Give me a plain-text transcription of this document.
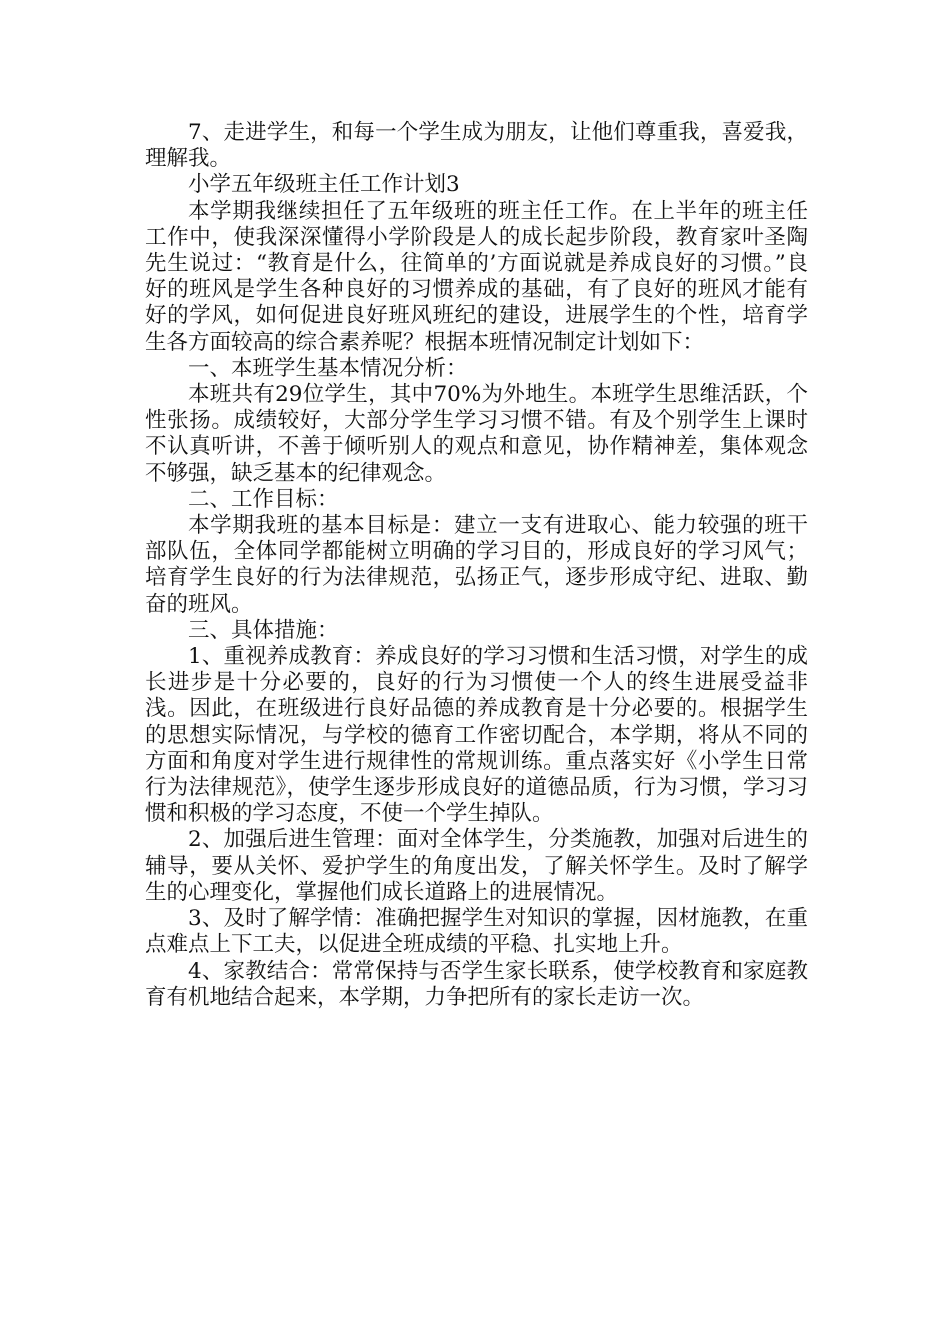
7、走进学生，和每一个学生成为朋友，让他们尊重我，喜爱我，理解我。

小学五年级班主任工作计划3

本学期我继续担任了五年级班的班主任工作。在上半年的班主任工作中，使我深深懂得小学阶段是人的成长起步阶段，教育家叶圣陶先生说过：“教育是什么，往简单的’方面说就是养成良好的习惯。”良好的班风是学生各种良好的习惯养成的基础，有了良好的班风才能有好的学风，如何促进良好班风班纪的建设，进展学生的个性，培育学生各方面较高的综合素养呢？根据本班情况制定计划如下：

一、本班学生基本情况分析：

本班共有29位学生，其中70%为外地生。本班学生思维活跃，个性张扬。成绩较好，大部分学生学习习惯不错。有及个别学生上课时不认真听讲，不善于倾听别人的观点和意见，协作精神差，集体观念不够强，缺乏基本的纪律观念。

二、工作目标：

本学期我班的基本目标是：建立一支有进取心、能力较强的班干部队伍，全体同学都能树立明确的学习目的，形成良好的学习风气；培育学生良好的行为法律规范，弘扬正气，逐步形成守纪、进取、勤奋的班风。

三、具体措施：

1、重视养成教育：养成良好的学习习惯和生活习惯，对学生的成长进步是十分必要的，良好的行为习惯使一个人的终生进展受益非浅。因此，在班级进行良好品德的养成教育是十分必要的。根据学生的思想实际情况，与学校的德育工作密切配合，本学期，将从不同的方面和角度对学生进行规律性的常规训练。重点落实好《小学生日常行为法律规范》，使学生逐步形成良好的道德品质，行为习惯，学习习惯和积极的学习态度，不使一个学生掉队。

2、加强后进生管理：面对全体学生，分类施教，加强对后进生的辅导，要从关怀、爱护学生的角度出发，了解关怀学生。及时了解学生的心理变化，掌握他们成长道路上的进展情况。

3、及时了解学情：准确把握学生对知识的掌握，因材施教，在重点难点上下工夫，以促进全班成绩的平稳、扎实地上升。

4、家教结合：常常保持与否学生家长联系，使学校教育和家庭教育有机地结合起来，本学期，力争把所有的家长走访一次。
